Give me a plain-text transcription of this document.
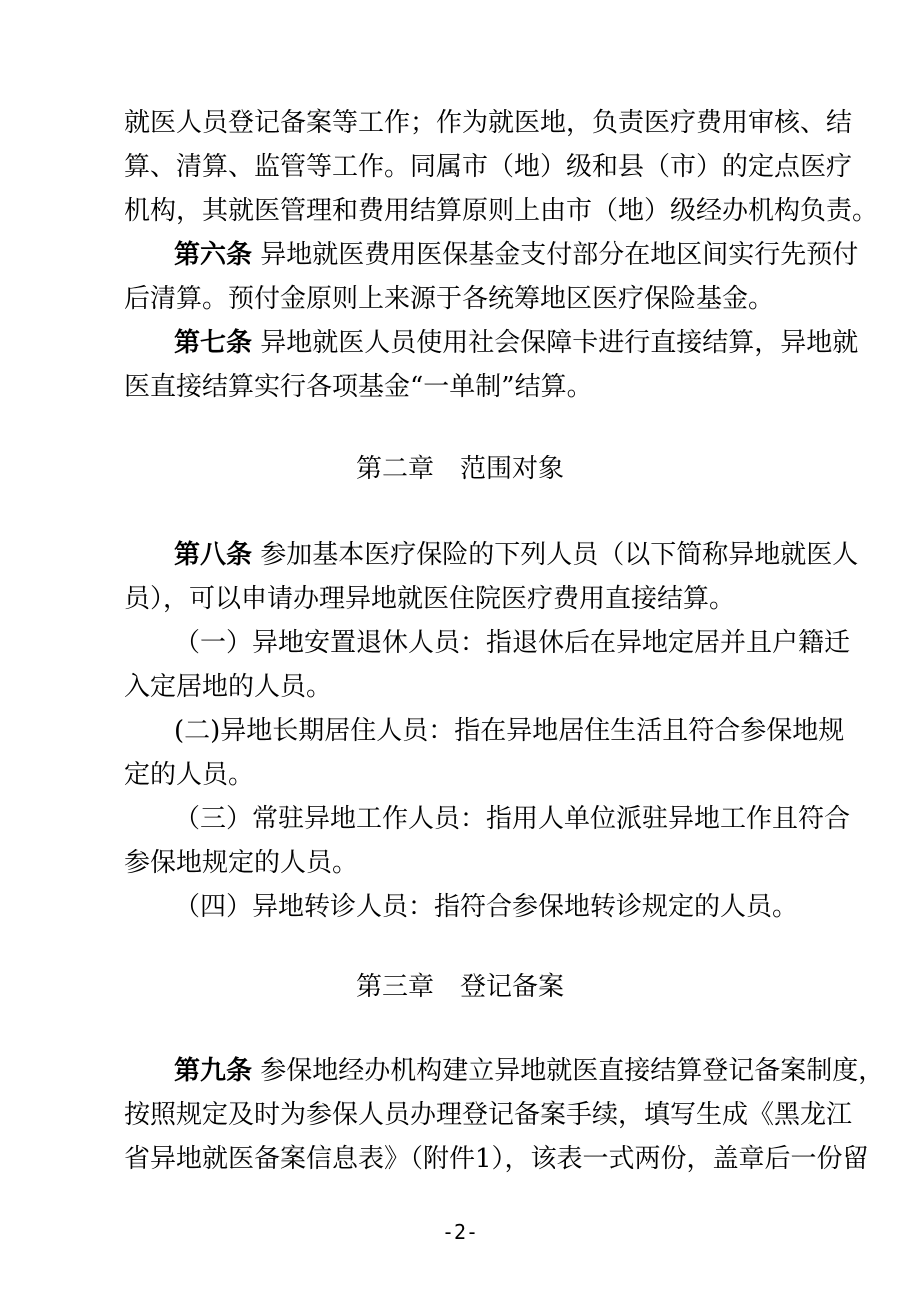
就医人员登记备案等工作；作为就医地，负责医疗费用审核、结
算、清算、监管等工作。同属市（地）级和县（市）的定点医疗
机构，其就医管理和费用结算原则上由市（地）级经办机构负责。
第六条 异地就医费用医保基金支付部分在地区间实行先预付
后清算。预付金原则上来源于各统筹地区医疗保险基金。
第七条 异地就医人员使用社会保障卡进行直接结算，异地就
医直接结算实行各项基金“一单制”结算。
第二章　范围对象
第八条 参加基本医疗保险的下列人员（以下简称异地就医人
员），可以申请办理异地就医住院医疗费用直接结算。
（一）异地安置退休人员：指退休后在异地定居并且户籍迁
入定居地的人员。
(二)异地长期居住人员：指在异地居住生活且符合参保地规
定的人员。
（三）常驻异地工作人员：指用人单位派驻异地工作且符合
参保地规定的人员。
（四）异地转诊人员：指符合参保地转诊规定的人员。
第三章　登记备案
第九条 参保地经办机构建立异地就医直接结算登记备案制度，
按照规定及时为参保人员办理登记备案手续，填写生成《黑龙江
省异地就医备案信息表》（附件1），该表一式两份，盖章后一份留
-2-
